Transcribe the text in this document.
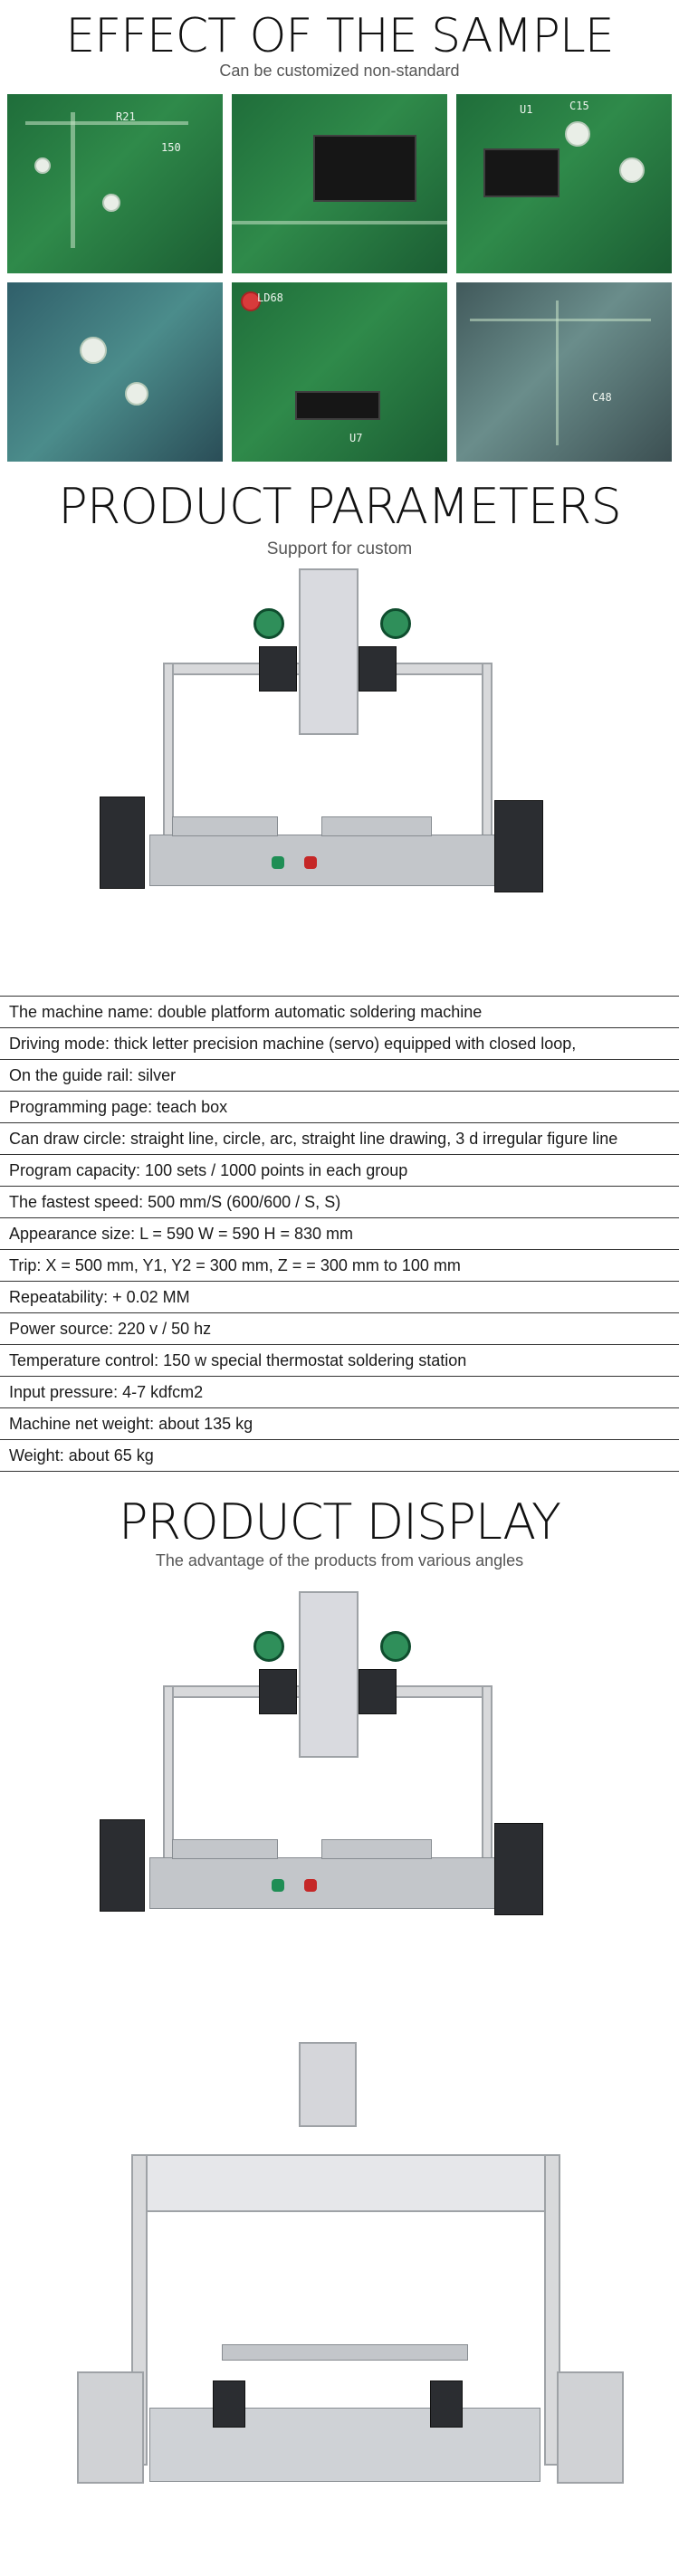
EFFECT OF THE SAMPLE
Can be customized non-standard
R21
150
U1	C15
LD68
U7
C48
PRODUCT PARAMETERS
Support for custom
The machine name: double platform automatic soldering machine
Driving mode: thick letter precision machine (servo) equipped with closed loop,
On the guide rail: silver
Programming page: teach box
Can draw circle: straight line, circle, arc, straight line drawing, 3 d irregular figure line
Program capacity: 100 sets / 1000 points in each group
The fastest speed: 500 mm/S (600/600 / S, S)
Appearance size: L = 590 W = 590 H = 830 mm
Trip: X = 500 mm, Y1, Y2 = 300 mm, Z = = 300 mm to 100 mm
Repeatability: + 0.02 MM
Power source: 220 v / 50 hz
Temperature control: 150 w special thermostat soldering station
Input pressure: 4-7 kdfcm2
Machine net weight: about 135 kg
Weight: about 65 kg
PRODUCT DISPLAY
The advantage of the products from various angles
